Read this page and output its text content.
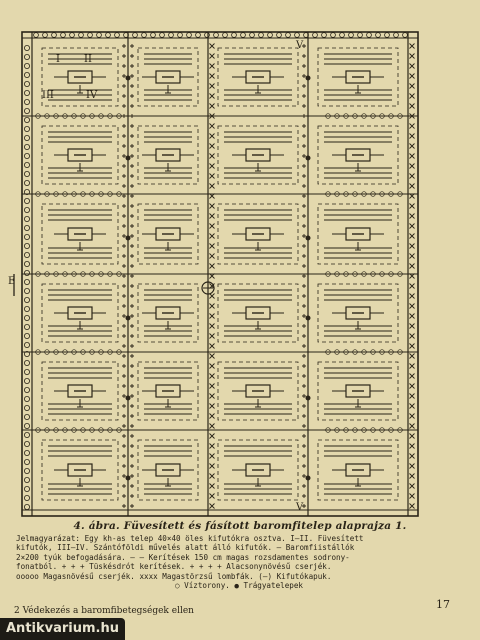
I II
III	IV
V
V
E
4. ábra. Füvesített és fásított baromfitelep alaprajza 1.
Jelmagyarázat: Egy kh-as telep 40×40 öles kifutókra osztva. I—II. Füvesített
kifutók, III—IV. Szántóföldi művelés alatt álló kifutók. — Baromfiistállók
2×200 tyúk befogadására. — — Kerítések 150 cm magas rozsdamentes sodrony-
fonatból. + + + Tüskésdrót kerítések. + + + + Alacsonynövésű cserjék.
ooooo Magasnövésű cserjék. xxxx Magastörzsű lombfák. (—) Kifutókapuk.
○ Víztorony. ● Trágyatelepek
2 Védekezés a baromfibetegségek ellen	17
Antikvarium.hu
